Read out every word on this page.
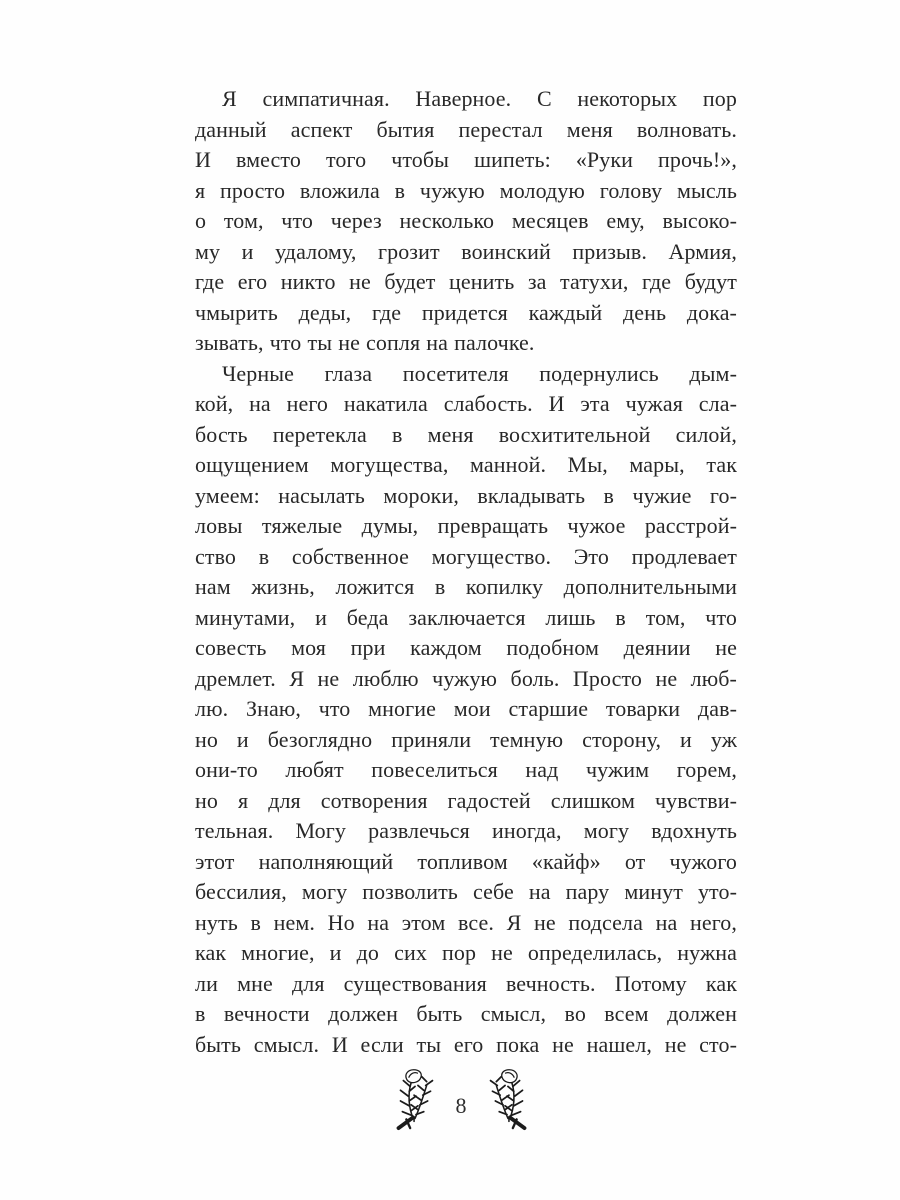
Я симпатичная. Наверное. С некоторых пор
данный аспект бытия перестал меня волновать.
И вместо того чтобы шипеть: «Руки прочь!»,
я просто вложила в чужую молодую голову мысль
о том, что через несколько месяцев ему, высоко-
му и удалому, грозит воинский призыв. Армия,
где его никто не будет ценить за татухи, где будут
чмырить деды, где придется каждый день дока-
зывать, что ты не сопля на палочке.
Черные глаза посетителя подернулись дым-
кой, на него накатила слабость. И эта чужая сла-
бость перетекла в меня восхитительной силой,
ощущением могущества, манной. Мы, мары, так
умеем: насылать мороки, вкладывать в чужие го-
ловы тяжелые думы, превращать чужое расстрой-
ство в собственное могущество. Это продлевает
нам жизнь, ложится в копилку дополнительными
минутами, и беда заключается лишь в том, что
совесть моя при каждом подобном деянии не
дремлет. Я не люблю чужую боль. Просто не люб-
лю. Знаю, что многие мои старшие товарки дав-
но и безоглядно приняли темную сторону, и уж
они-то любят повеселиться над чужим горем,
но я для сотворения гадостей слишком чувстви-
тельная. Могу развлечься иногда, могу вдохнуть
этот наполняющий топливом «кайф» от чужого
бессилия, могу позволить себе на пару минут уто-
нуть в нем. Но на этом все. Я не подсела на него,
как многие, и до сих пор не определилась, нужна
ли мне для существования вечность. Потому как
в вечности должен быть смысл, во всем должен
быть смысл. И если ты его пока не нашел, не сто-
8
